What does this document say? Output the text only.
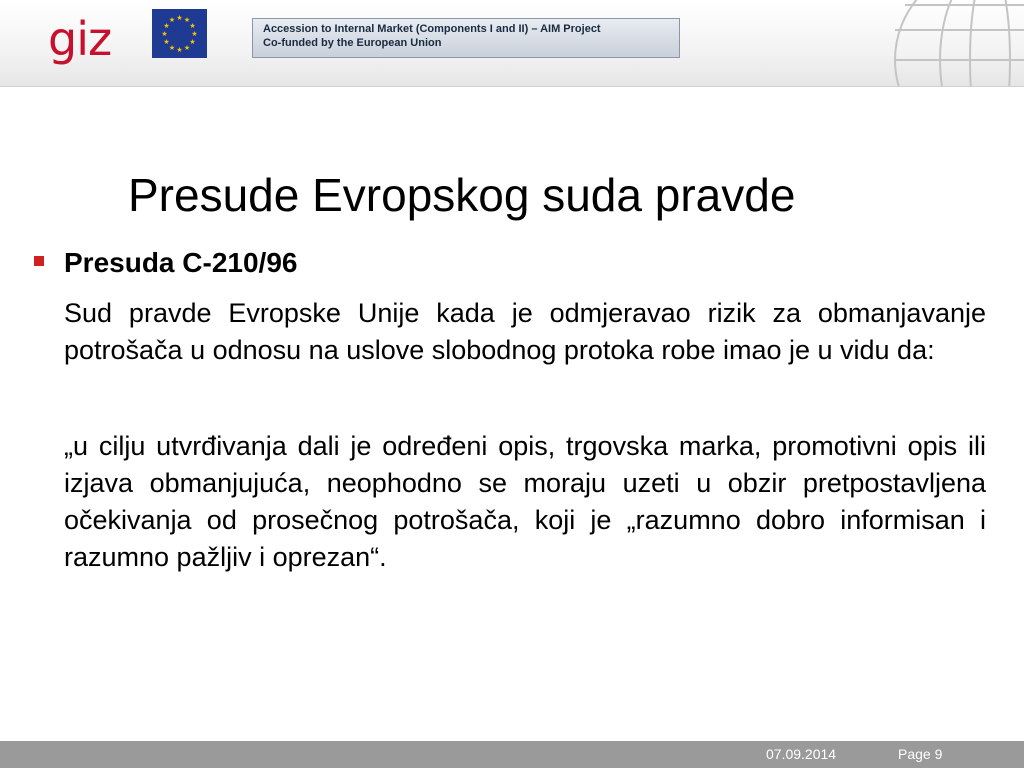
giz	★ ★
★
★
★
★
★
★
★
★
★
★
Accession to Internal Market (Components I and II) – AIM Project
Co-funded by the European Union
Presude Evropskog suda pravde
Presuda C-210/96
Sud pravde Evropske Unije kada je odmjeravao rizik za obmanjavanje potrošača u odnosu na uslove slobodnog protoka robe imao je u vidu da:
„u cilju utvrđivanja dali je određeni opis, trgovska marka, promotivni opis ili izjava obmanjujuća, neophodno se moraju uzeti u obzir pretpostavljena očekivanja od prosečnog potrošača, koji je „razumno dobro informisan i razumno pažljiv i oprezan“.
07.09.2014	Page 9
